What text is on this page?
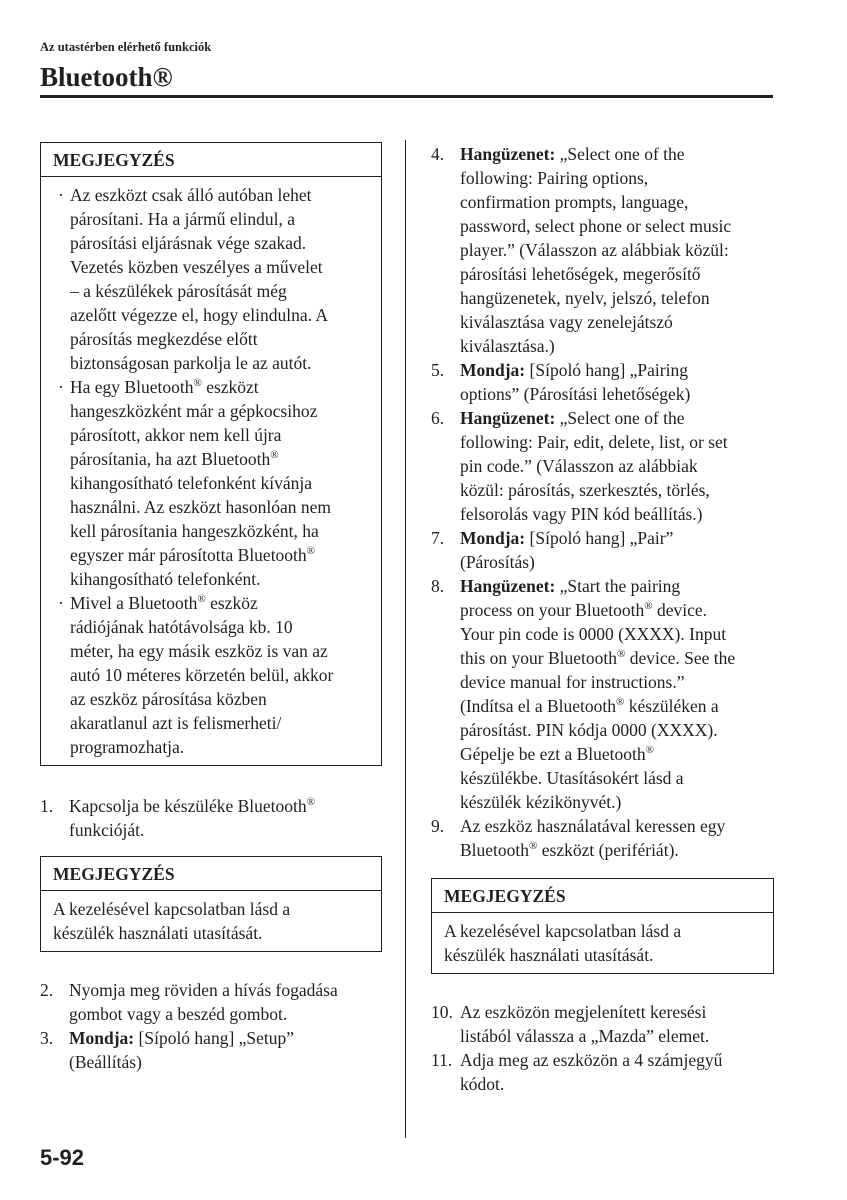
Az utastérben elérhető funkciók
Bluetooth®
MEGJEGYZÉS
· Az eszközt csak álló autóban lehet
párosítani. Ha a jármű elindul, a
párosítási eljárásnak vége szakad.
Vezetés közben veszélyes a művelet
– a készülékek párosítását még
azelőtt végezze el, hogy elindulna. A
párosítás megkezdése előtt
biztonságosan parkolja le az autót.
· Ha egy Bluetooth® eszközt
hangeszközként már a gépkocsihoz
párosított, akkor nem kell újra
párosítania, ha azt Bluetooth®
kihangosítható telefonként kívánja
használni. Az eszközt hasonlóan nem
kell párosítania hangeszközként, ha
egyszer már párosította Bluetooth®
kihangosítható telefonként.
· Mivel a Bluetooth® eszköz
rádiójának hatótávolsága kb. 10
méter, ha egy másik eszköz is van az
autó 10 méteres körzetén belül, akkor
az eszköz párosítása közben
akaratlanul azt is felismerheti/
programozhatja.
1. Kapcsolja be készüléke Bluetooth®
funkcióját.
MEGJEGYZÉS
A kezelésével kapcsolatban lásd a
készülék használati utasítását.
2. Nyomja meg röviden a hívás fogadása
gombot vagy a beszéd gombot.
3. Mondja: [Sípoló hang] „Setup”
(Beállítás)
4. Hangüzenet: „Select one of the
following: Pairing options,
confirmation prompts, language,
password, select phone or select music
player.” (Válasszon az alábbiak közül:
párosítási lehetőségek, megerősítő
hangüzenetek, nyelv, jelszó, telefon
kiválasztása vagy zenelejátszó
kiválasztása.)
5. Mondja: [Sípoló hang] „Pairing
options” (Párosítási lehetőségek)
6. Hangüzenet: „Select one of the
following: Pair, edit, delete, list, or set
pin code.” (Válasszon az alábbiak
közül: párosítás, szerkesztés, törlés,
felsorolás vagy PIN kód beállítás.)
7. Mondja: [Sípoló hang] „Pair”
(Párosítás)
8. Hangüzenet: „Start the pairing
process on your Bluetooth® device.
Your pin code is 0000 (XXXX). Input
this on your Bluetooth® device. See the
device manual for instructions.”
(Indítsa el a Bluetooth® készüléken a
párosítást. PIN kódja 0000 (XXXX).
Gépelje be ezt a Bluetooth®
készülékbe. Utasításokért lásd a
készülék kézikönyvét.)
9. Az eszköz használatával keressen egy
Bluetooth® eszközt (perifériát).
MEGJEGYZÉS
A kezelésével kapcsolatban lásd a
készülék használati utasítását.
10. Az eszközön megjelenített keresési
listából válassza a „Mazda” elemet.
11. Adja meg az eszközön a 4 számjegyű
kódot.
5-92
